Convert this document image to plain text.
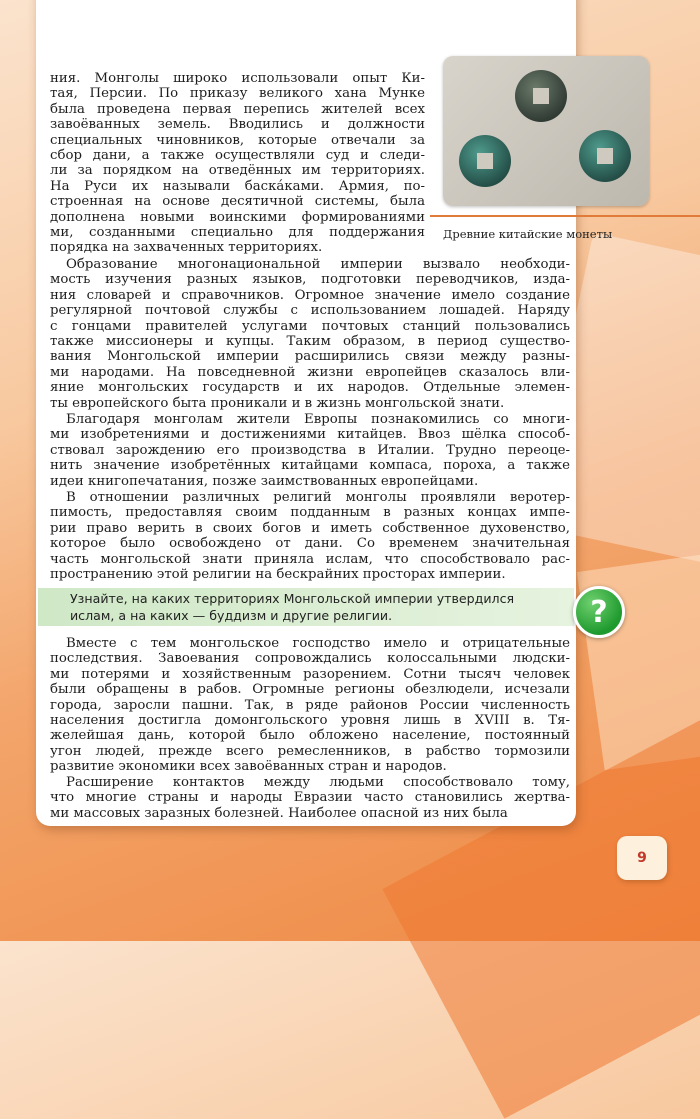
Древние китайские монеты

ния. Монголы широко использовали опыт Ки-

тая, Персии. По приказу великого хана Мунке

была проведена первая перепись жителей всех

завоёванных земель. Вводились и должности

специальных чиновников, которые отвечали за

сбор дани, а также осуществляли суд и следи-

ли за порядком на отведённых им территориях.

На Руси их называли баскáками. Армия, по-

строенная на основе десятичной системы, была

дополнена новыми воинскими формированиями

ми, созданными специально для поддержания

порядка на захваченных территориях.

Образование многонациональной империи вызвало необходи-

мость изучения разных языков, подготовки переводчиков, изда-

ния словарей и справочников. Огромное значение имело создание

регулярной почтовой службы с использованием лошадей. Наряду

с гонцами правителей услугами почтовых станций пользовались

также миссионеры и купцы. Таким образом, в период существо-

вания Монгольской империи расширились связи между разны-

ми народами. На повседневной жизни европейцев сказалось вли-

яние монгольских государств и их народов. Отдельные элемен-

ты европейского быта проникали и в жизнь монгольской знати.

Благодаря монголам жители Европы познакомились со многи-

ми изобретениями и достижениями китайцев. Ввоз шёлка способ-

ствовал зарождению его производства в Италии. Трудно переоце-

нить значение изобретённых китайцами компаса, пороха, а также

идеи книгопечатания, позже заимствованных европейцами.

В отношении различных религий монголы проявляли веротер-

пимость, предоставляя своим подданным в разных концах импе-

рии право верить в своих богов и иметь собственное духовенство,

которое было освобождено от дани. Со временем значительная

часть монгольской знати приняла ислам, что способствовало рас-

пространению этой религии на бескрайних просторах империи.

Узнайте, на каких территориях Монгольской империи утвердился
ислам, а на каких — буддизм и другие религии.	?

Вместе с тем монгольское господство имело и отрицательные

последствия. Завоевания сопровождались колоссальными людски-

ми потерями и хозяйственным разорением. Сотни тысяч человек

были обращены в рабов. Огромные регионы обезлюдели, исчезали

города, заросли пашни. Так, в ряде районов России численность

населения достигла домонгольского уровня лишь в XVIII в. Тя-

желейшая дань, которой было обложено население, постоянный

угон людей, прежде всего ремесленников, в рабство тормозили

развитие экономики всех завоёванных стран и народов.

Расширение контактов между людьми способствовало тому,

что многие страны и народы Евразии часто становились жертва-

ми массовых заразных болезней. Наиболее опасной из них была

9
